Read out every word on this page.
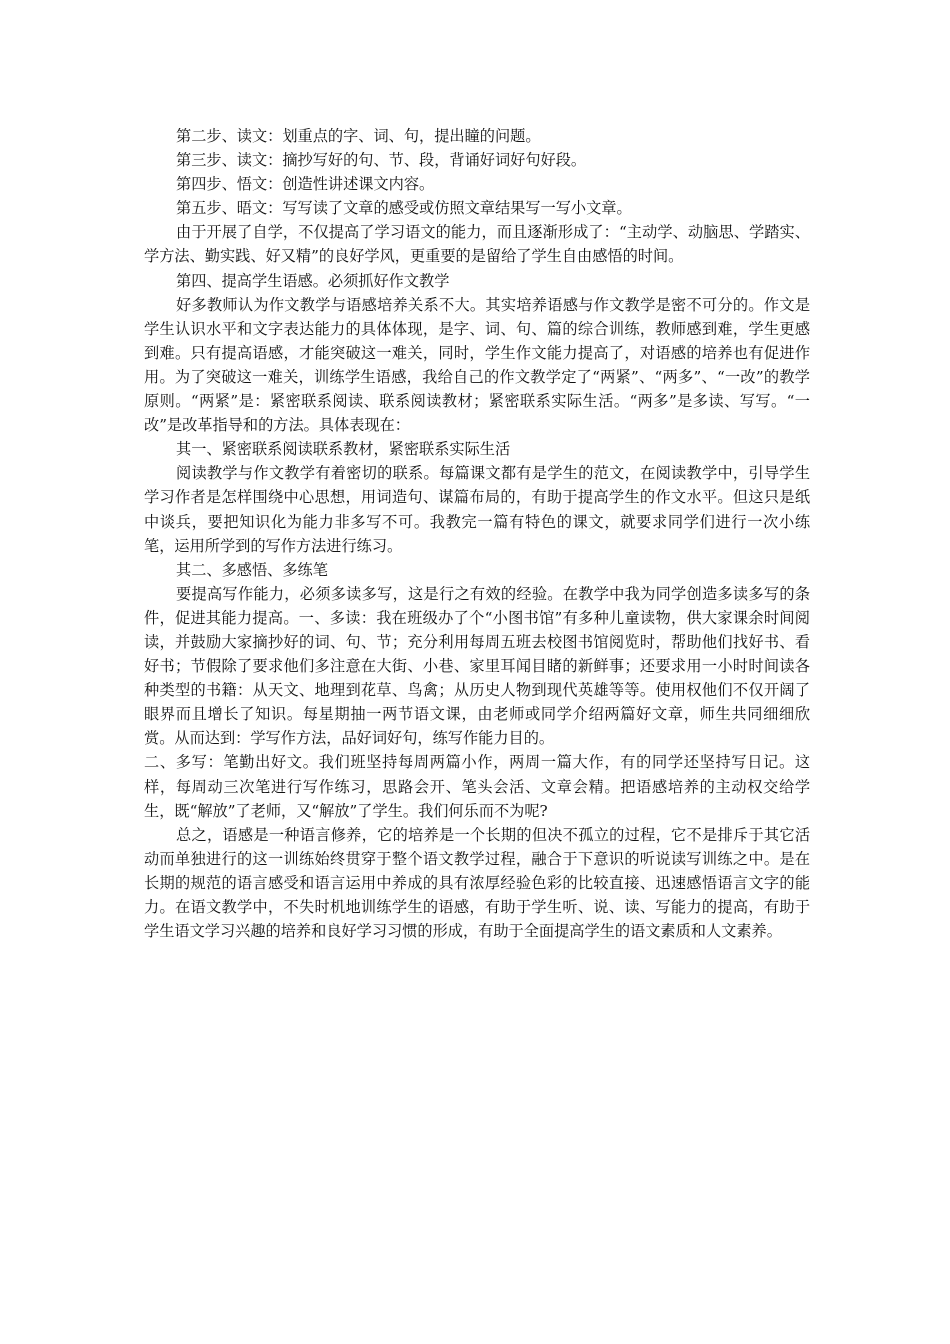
第二步、读文：划重点的字、词、句，提出瞳的问题。

第三步、读文：摘抄写好的句、节、段，背诵好词好句好段。

第四步、悟文：创造性讲述课文内容。

第五步、晤文：写写读了文章的感受或仿照文章结果写一写小文章。

由于开展了自学，不仅提高了学习语文的能力，而且逐渐形成了：“主动学、动脑思、学踏实、学方法、勤实践、好又精”的良好学风，更重要的是留给了学生自由感悟的时间。

第四、提高学生语感。必须抓好作文教学

好多教师认为作文教学与语感培养关系不大。其实培养语感与作文教学是密不可分的。作文是学生认识水平和文字表达能力的具体体现，是字、词、句、篇的综合训练，教师感到难，学生更感到难。只有提高语感，才能突破这一难关，同时，学生作文能力提高了，对语感的培养也有促进作用。为了突破这一难关，训练学生语感，我给自己的作文教学定了“两紧”、“两多”、“一改”的教学原则。“两紧”是：紧密联系阅读、联系阅读教材；紧密联系实际生活。“两多”是多读、写写。“一改”是改革指导和的方法。具体表现在：

其一、紧密联系阅读联系教材，紧密联系实际生活

阅读教学与作文教学有着密切的联系。每篇课文都有是学生的范文，在阅读教学中，引导学生学习作者是怎样围绕中心思想，用词造句、谋篇布局的，有助于提高学生的作文水平。但这只是纸中谈兵，要把知识化为能力非多写不可。我教完一篇有特色的课文，就要求同学们进行一次小练笔，运用所学到的写作方法进行练习。

其二、多感悟、多练笔

要提高写作能力，必须多读多写，这是行之有效的经验。在教学中我为同学创造多读多写的条件，促进其能力提高。一、多读：我在班级办了个“小图书馆”有多种儿童读物，供大家课余时间阅读，并鼓励大家摘抄好的词、句、节；充分利用每周五班去校图书馆阅览时，帮助他们找好书、看好书；节假除了要求他们多注意在大街、小巷、家里耳闻目睹的新鲜事；还要求用一小时时间读各种类型的书籍：从天文、地理到花草、鸟禽；从历史人物到现代英雄等等。使用权他们不仅开阔了眼界而且增长了知识。每星期抽一两节语文课，由老师或同学介绍两篇好文章，师生共同细细欣赏。从而达到：学写作方法，品好词好句，练写作能力目的。

二、多写：笔勤出好文。我们班坚持每周两篇小作，两周一篇大作，有的同学还坚持写日记。这样，每周动三次笔进行写作练习，思路会开、笔头会活、文章会精。把语感培养的主动权交给学生，既“解放”了老师，又“解放”了学生。我们何乐而不为呢?

总之，语感是一种语言修养，它的培养是一个长期的但决不孤立的过程，它不是排斥于其它活动而单独进行的这一训练始终贯穿于整个语文教学过程，融合于下意识的听说读写训练之中。是在长期的规范的语言感受和语言运用中养成的具有浓厚经验色彩的比较直接、迅速感悟语言文字的能力。在语文教学中，不失时机地训练学生的语感，有助于学生听、说、读、写能力的提高，有助于学生语文学习兴趣的培养和良好学习习惯的形成，有助于全面提高学生的语文素质和人文素养。
